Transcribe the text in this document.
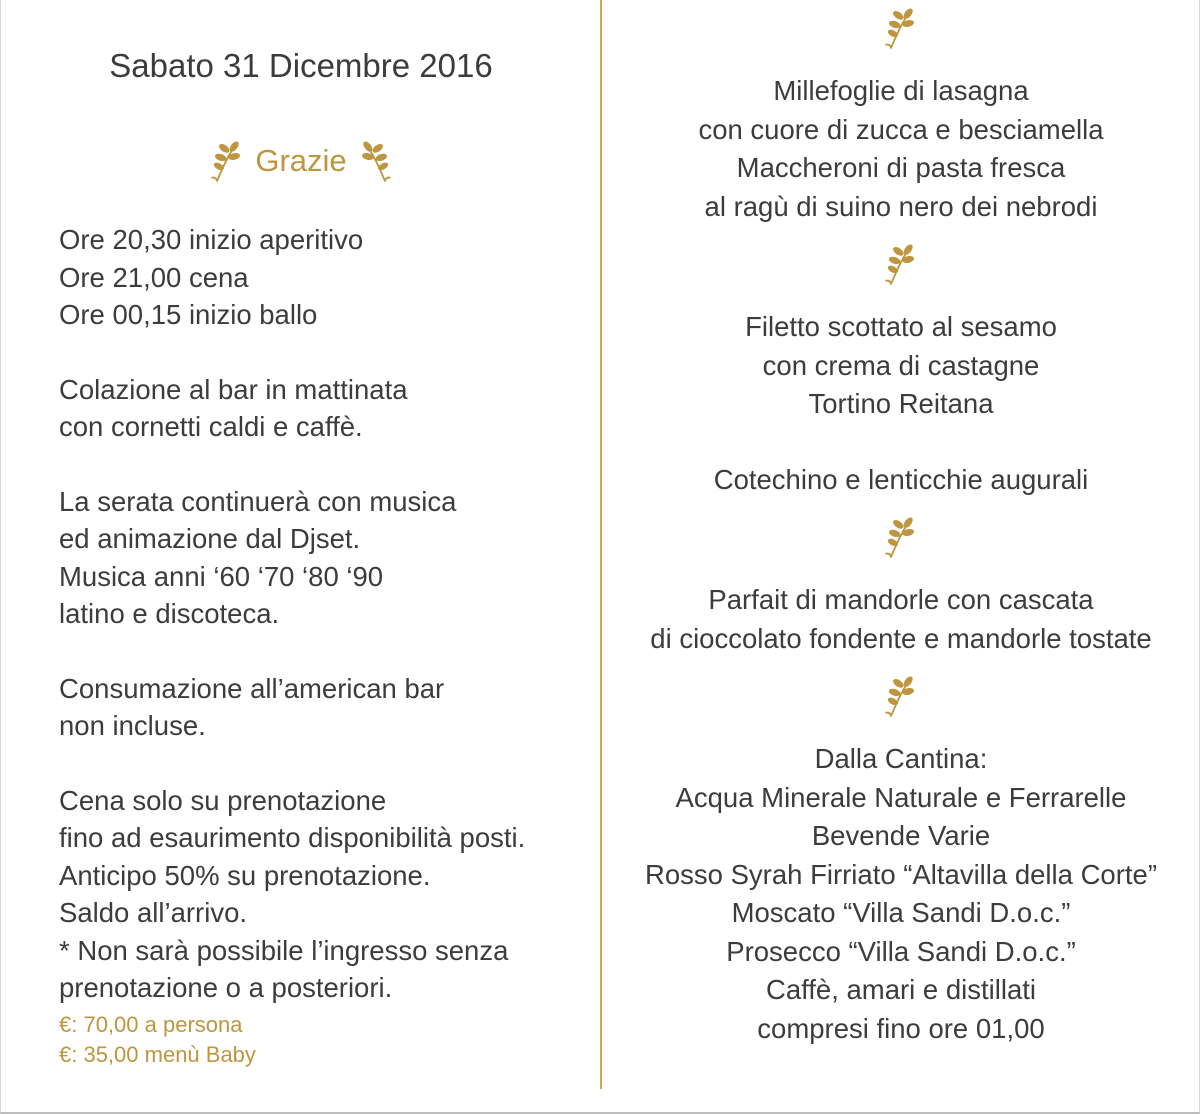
Sabato 31 Dicembre 2016
Grazie
Ore 20,30 inizio aperitivo
Ore 21,00 cena
Ore 00,15 inizio ballo
Colazione al bar in mattinata
con cornetti caldi e caffè.
La serata continuerà con musica
ed animazione dal Djset.
Musica anni ‘60 ‘70 ‘80 ‘90
latino e discoteca.
Consumazione all’american bar
non incluse.
Cena solo su prenotazione
fino ad esaurimento disponibilità posti.
Anticipo 50% su prenotazione.
Saldo all’arrivo.
* Non sarà possibile l’ingresso senza
prenotazione o a posteriori.
€: 70,00 a persona
€: 35,00 menù Baby
Millefoglie di lasagna
con cuore di zucca e besciamella
Maccheroni di pasta fresca
al ragù di suino nero dei nebrodi
Filetto scottato al sesamo
con crema di castagne
Tortino Reitana
Cotechino e lenticchie augurali
Parfait di mandorle con cascata
di cioccolato fondente e mandorle tostate
Dalla Cantina:
Acqua Minerale Naturale e Ferrarelle
Bevende Varie
Rosso Syrah Firriato “Altavilla della Corte”
Moscato “Villa Sandi D.o.c.”
Prosecco “Villa Sandi D.o.c.”
Caffè, amari e distillati
compresi fino ore 01,00
